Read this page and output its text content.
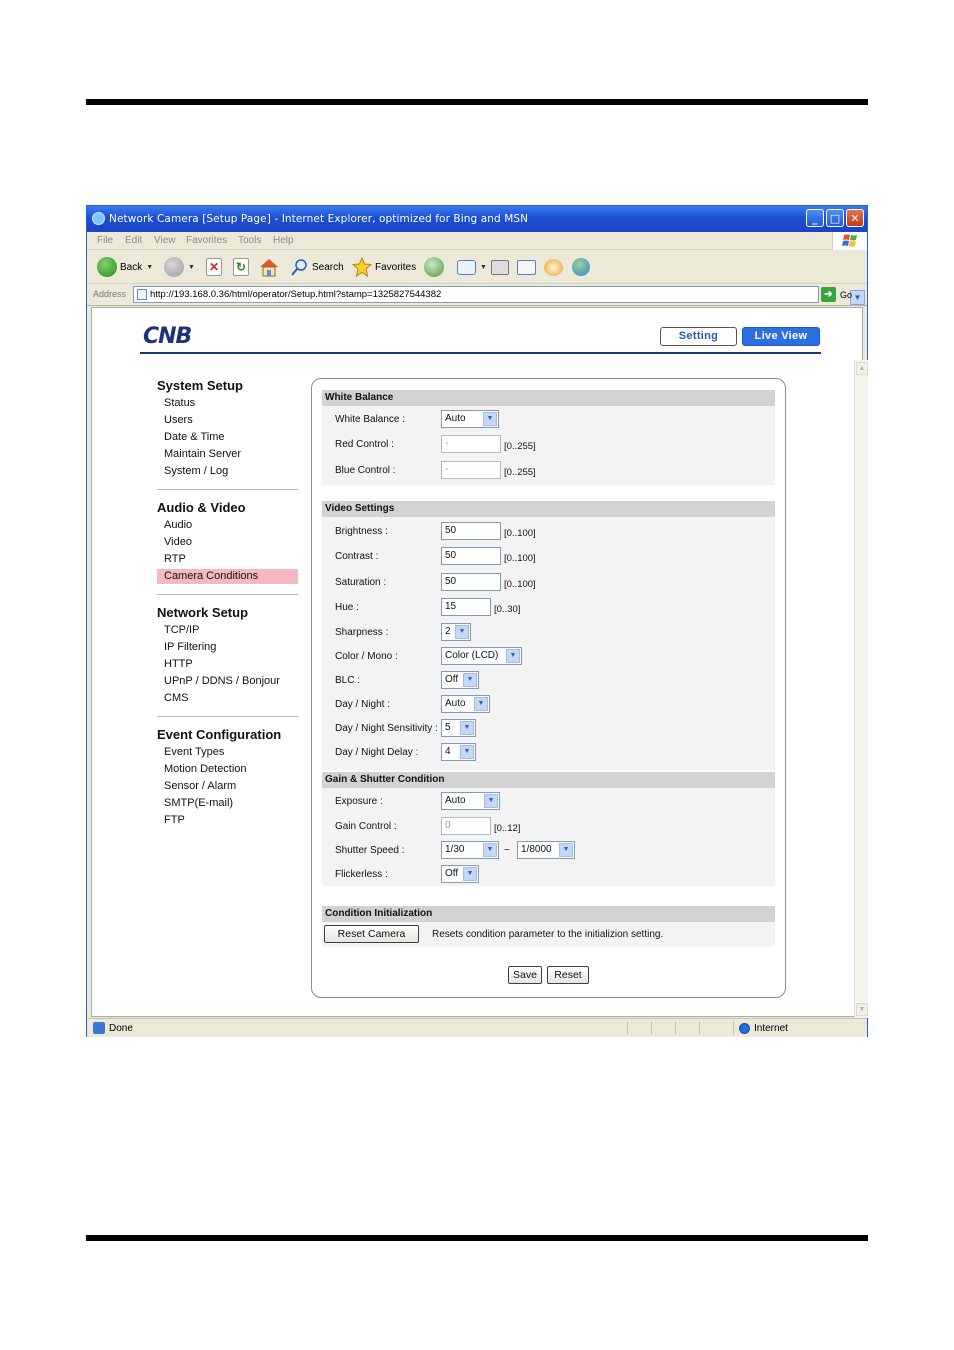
Network Camera [Setup Page] - Internet Explorer, optimized for Bing and MSN	_	□ ✕
File Edit View Favorites Tools Help
Back ▼	▼ ✕ ↻	Search	Favorites	▼
Address	http://193.168.0.36/html/operator/Setup.html?stamp=1325827544382	▼
➔ Go
CNB	Setting	Live View
▲
▼
System Setup
Status
Users
Date & Time
Maintain Server
System / Log
Audio & Video
Audio
Video
RTP
Camera Conditions
Network Setup
TCP/IP
IP Filtering
HTTP
UPnP / DDNS / Bonjour
CMS
Event Configuration
Event Types
Motion Detection
Sensor / Alarm
SMTP(E-mail)
FTP
White Balance
White Balance :	Auto	▼
Red Control :	-	[0..255]
Blue Control :	-	[0..255]
Video Settings
Brightness :	50	[0..100]
Contrast :	50	[0..100]
Saturation :	50	[0..100]
Hue :	15	[0..30]
Sharpness :	2	▼
Color / Mono :	Color (LCD)	▼
BLC :	Off	▼
Day / Night :	Auto	▼
Day / Night Sensitivity : 5	▼
Day / Night Delay :	4	▼
Gain & Shutter Condition
Exposure :	Auto	▼
Gain Control :	0	[0..12]
Shutter Speed :	1/30	▼	~	1/8000	▼
Flickerless :	Off	▼
Condition Initialization
Reset Camera	Resets condition parameter to the initializion setting.
Save	Reset
Done	Internet
